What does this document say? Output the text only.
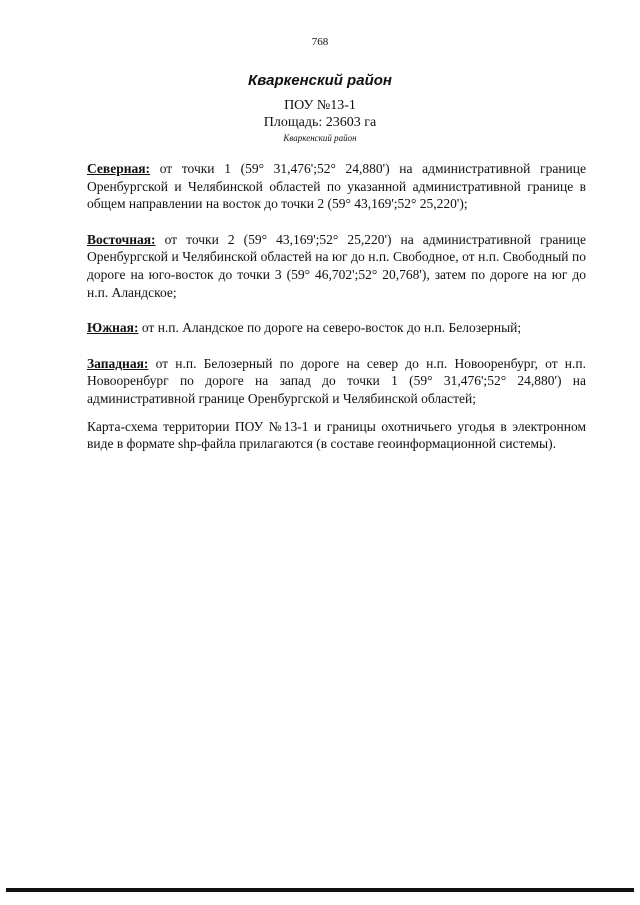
768
Кваркенский район
ПОУ №13-1
Площадь: 23603 га
Кваркенский район

Северная: от точки 1 (59° 31,476';52° 24,880') на административной границе Оренбургской и Челябинской областей по указанной административной границе в общем направлении на восток до точки 2 (59° 43,169';52° 25,220');

Восточная: от точки 2 (59° 43,169';52° 25,220') на административной границе Оренбургской и Челябинской областей на юг до н.п. Свободное, от н.п. Свободный по дороге на юго-восток до точки 3 (59° 46,702';52° 20,768'), затем по дороге на юг до н.п. Аландское;

Южная: от н.п. Аландское по дороге на северо-восток до н.п. Белозерный;

Западная: от н.п. Белозерный по дороге на север до н.п. Новооренбург, от н.п. Новооренбург по дороге на запад до точки 1 (59° 31,476';52° 24,880') на административной границе Оренбургской и Челябинской областей;

Карта-схема территории ПОУ №13-1 и границы охотничьего угодья в электронном виде в формате shp-файла прилагаются (в составе геоинформационной системы).
